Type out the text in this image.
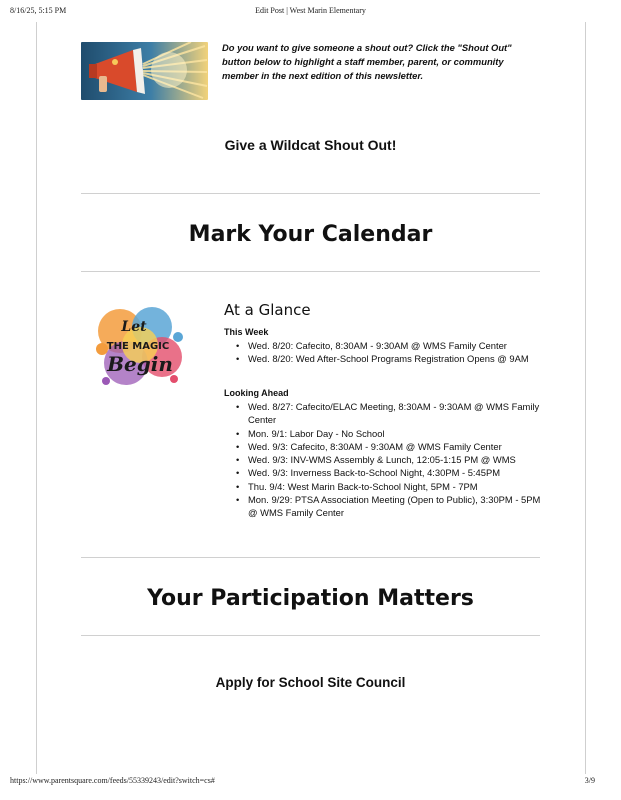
8/16/25, 5:15 PM	Edit Post | West Marin Elementary
Do you want to give someone a shout out? Click the "Shout Out" button below to highlight a staff member, parent, or community member in the next edition of this newsletter.
Give a Wildcat Shout Out!
Mark Your Calendar
Let
THE MAGIC
Begin
At a Glance
This Week
• Wed. 8/20: Cafecito, 8:30AM - 9:30AM @ WMS Family Center
• Wed. 8/20: Wed After-School Programs Registration Opens @ 9AM
Looking Ahead
• Wed. 8/27: Cafecito/ELAC Meeting, 8:30AM - 9:30AM @ WMS Family Center
• Mon. 9/1: Labor Day - No School
• Wed. 9/3: Cafecito, 8:30AM - 9:30AM @ WMS Family Center
• Wed. 9/3: INV-WMS Assembly & Lunch, 12:05-1:15 PM @ WMS
• Wed. 9/3: Inverness Back-to-School Night, 4:30PM - 5:45PM
• Thu. 9/4: West Marin Back-to-School Night, 5PM - 7PM
• Mon. 9/29: PTSA Association Meeting (Open to Public), 3:30PM - 5PM @ WMS Family Center
Your Participation Matters
Apply for School Site Council
https://www.parentsquare.com/feeds/55339243/edit?switch=cs#	3/9
